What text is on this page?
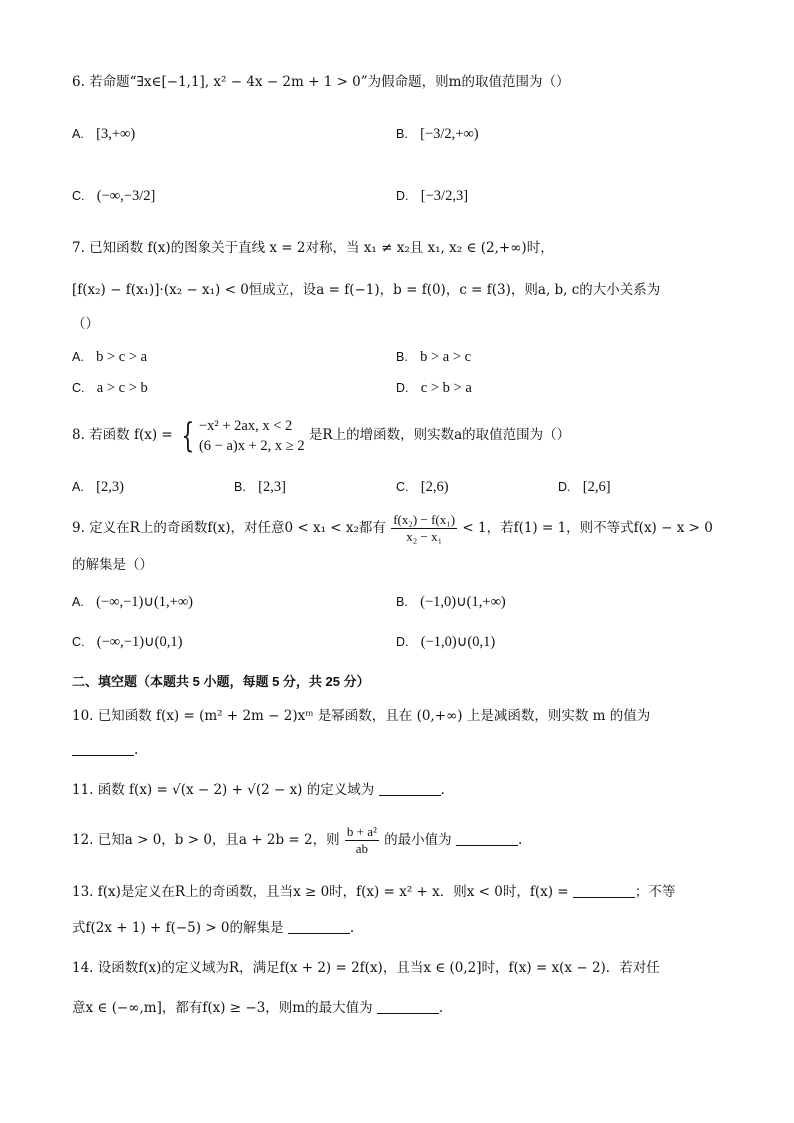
6. 若命题“∃x∈[−1,1], x² − 4x − 2m + 1 > 0”为假命题，则m的取值范围为（）
A. [3,+∞)	B. [−3/2,+∞)
C. (−∞,−3/2]	D. [−3/2,3]
7. 已知函数 f(x)的图象关于直线 x = 2对称，当 x₁ ≠ x₂且 x₁, x₂ ∈ (2,+∞)时，
[f(x₂) − f(x₁)]·(x₂ − x₁) < 0恒成立，设a = f(−1)，b = f(0)，c = f(3)，则a, b, c的大小关系为
（）
A. b > c > a	B. b > a > c
C. a > c > b	D. c > b > a
8. 若函数 f(x) = { −x² + 2ax, x < 2
(6 − a)x + 2, x ≥ 2
是R上的增函数，则实数a的取值范围为（）
A. [2,3)	B. [2,3]	C. [2,6)	D. [2,6]
9. 定义在R上的奇函数f(x)，对任意0 < x₁ < x₂都有 $\frac{\text{f(x₂) − f(x₁)}}{\text{x₂ − x₁}} < 1$，若f(1) = 1，则不等式f(x) − x > 0
的解集是（）
A. (−∞,−1)∪(1,+∞)	B. (−1,0)∪(1,+∞)
C. (−∞,−1)∪(0,1)	D. (−1,0)∪(0,1)
二、填空题（本题共 5 小题，每题 5 分，共 25 分）
10. 已知函数 f(x) = (m² + 2m − 2)xᵐ 是幂函数，且在 (0,+∞) 上是减函数，则实数 m 的值为
.
11. 函数 f(x) = √(x − 2) + √(2 − x) 的定义域为	.
12. 已知a > 0，b > 0，且a + 2b = 2，则 $\frac{\text{b + a²}}{ab}$ 的最小值为	.
13. f(x)是定义在R上的奇函数，且当x ≥ 0时，f(x) = x² + x．则x < 0时，f(x) =	；不等
式f(2x + 1) + f(−5) > 0的解集是	.
14. 设函数f(x)的定义域为R，满足f(x + 2) = 2f(x)，且当x ∈ (0,2]时，f(x) = x(x − 2)．若对任
意x ∈ (−∞,m]，都有f(x) ≥ −3，则m的最大值为	.
